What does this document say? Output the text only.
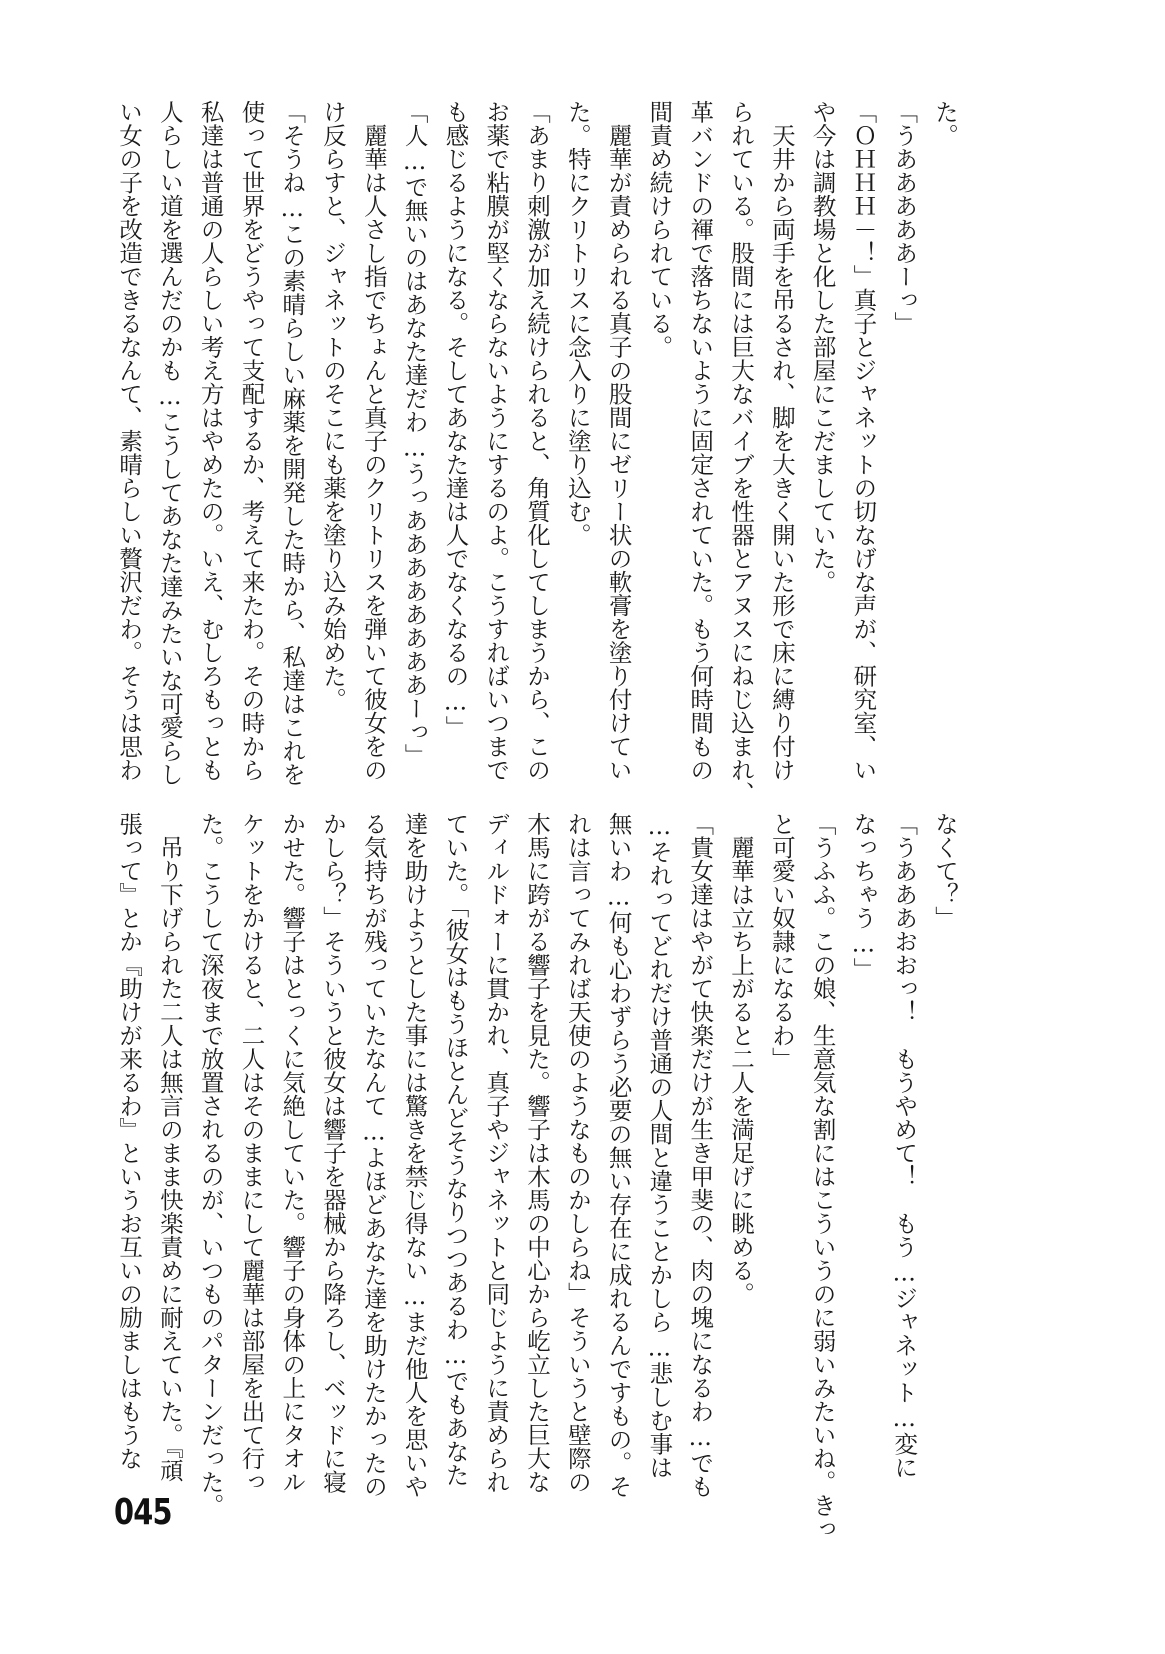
た。
「うあああああーっ」
「ＯＨＨＨ－！」真子とジャネットの切なげな声が、研究室、い
や今は調教場と化した部屋にこだましていた。
　天井から両手を吊るされ、脚を大きく開いた形で床に縛り付け
られている。股間には巨大なバイブを性器とアヌスにねじ込まれ、
革バンドの褌で落ちないように固定されていた。もう何時間もの
間責め続けられている。
　麗華が責められる真子の股間にゼリー状の軟膏を塗り付けてい
た。特にクリトリスに念入りに塗り込む。
「あまり刺激が加え続けられると、角質化してしまうから、この
お薬で粘膜が堅くならないようにするのよ。こうすればいつまで
も感じるようになる。そしてあなた達は人でなくなるの…」
「人…で無いのはあなた達だわ…うっああああああああーっ」
　麗華は人さし指でちょんと真子のクリトリスを弾いて彼女をの
け反らすと、ジャネットのそこにも薬を塗り込み始めた。
「そうね…この素晴らしい麻薬を開発した時から、私達はこれを
使って世界をどうやって支配するか、考えて来たわ。その時から
私達は普通の人らしい考え方はやめたの。いえ、むしろもっとも
人らしい道を選んだのかも…こうしてあなた達みたいな可愛らし
い女の子を改造できるなんて、素晴らしい贅沢だわ。そうは思わ
なくて？」
「うあああおおっ！　もうやめて！　もう…ジャネット…変に
なっちゃう…」
「うふふ。この娘、生意気な割にはこういうのに弱いみたいね。きっ
と可愛い奴隷になるわ」
　麗華は立ち上がると二人を満足げに眺める。
「貴女達はやがて快楽だけが生き甲斐の、肉の塊になるわ…でも
…それってどれだけ普通の人間と違うことかしら…悲しむ事は
無いわ…何も心わずらう必要の無い存在に成れるんですもの。そ
れは言ってみれば天使のようなものかしらね」そういうと壁際の
木馬に跨がる響子を見た。響子は木馬の中心から屹立した巨大な
ディルドォーに貫かれ、真子やジャネットと同じように責められ
ていた。「彼女はもうほとんどそうなりつつあるわ…でもあなた
達を助けようとした事には驚きを禁じ得ない…まだ他人を思いや
る気持ちが残っていたなんて…よほどあなた達を助けたかったの
かしら？」そういうと彼女は響子を器械から降ろし、ベッドに寝
かせた。響子はとっくに気絶していた。響子の身体の上にタオル
ケットをかけると、二人はそのままにして麗華は部屋を出て行っ
た。こうして深夜まで放置されるのが、いつものパターンだった。
　吊り下げられた二人は無言のまま快楽責めに耐えていた。『頑
張って』とか『助けが来るわ』というお互いの励ましはもうな
045
